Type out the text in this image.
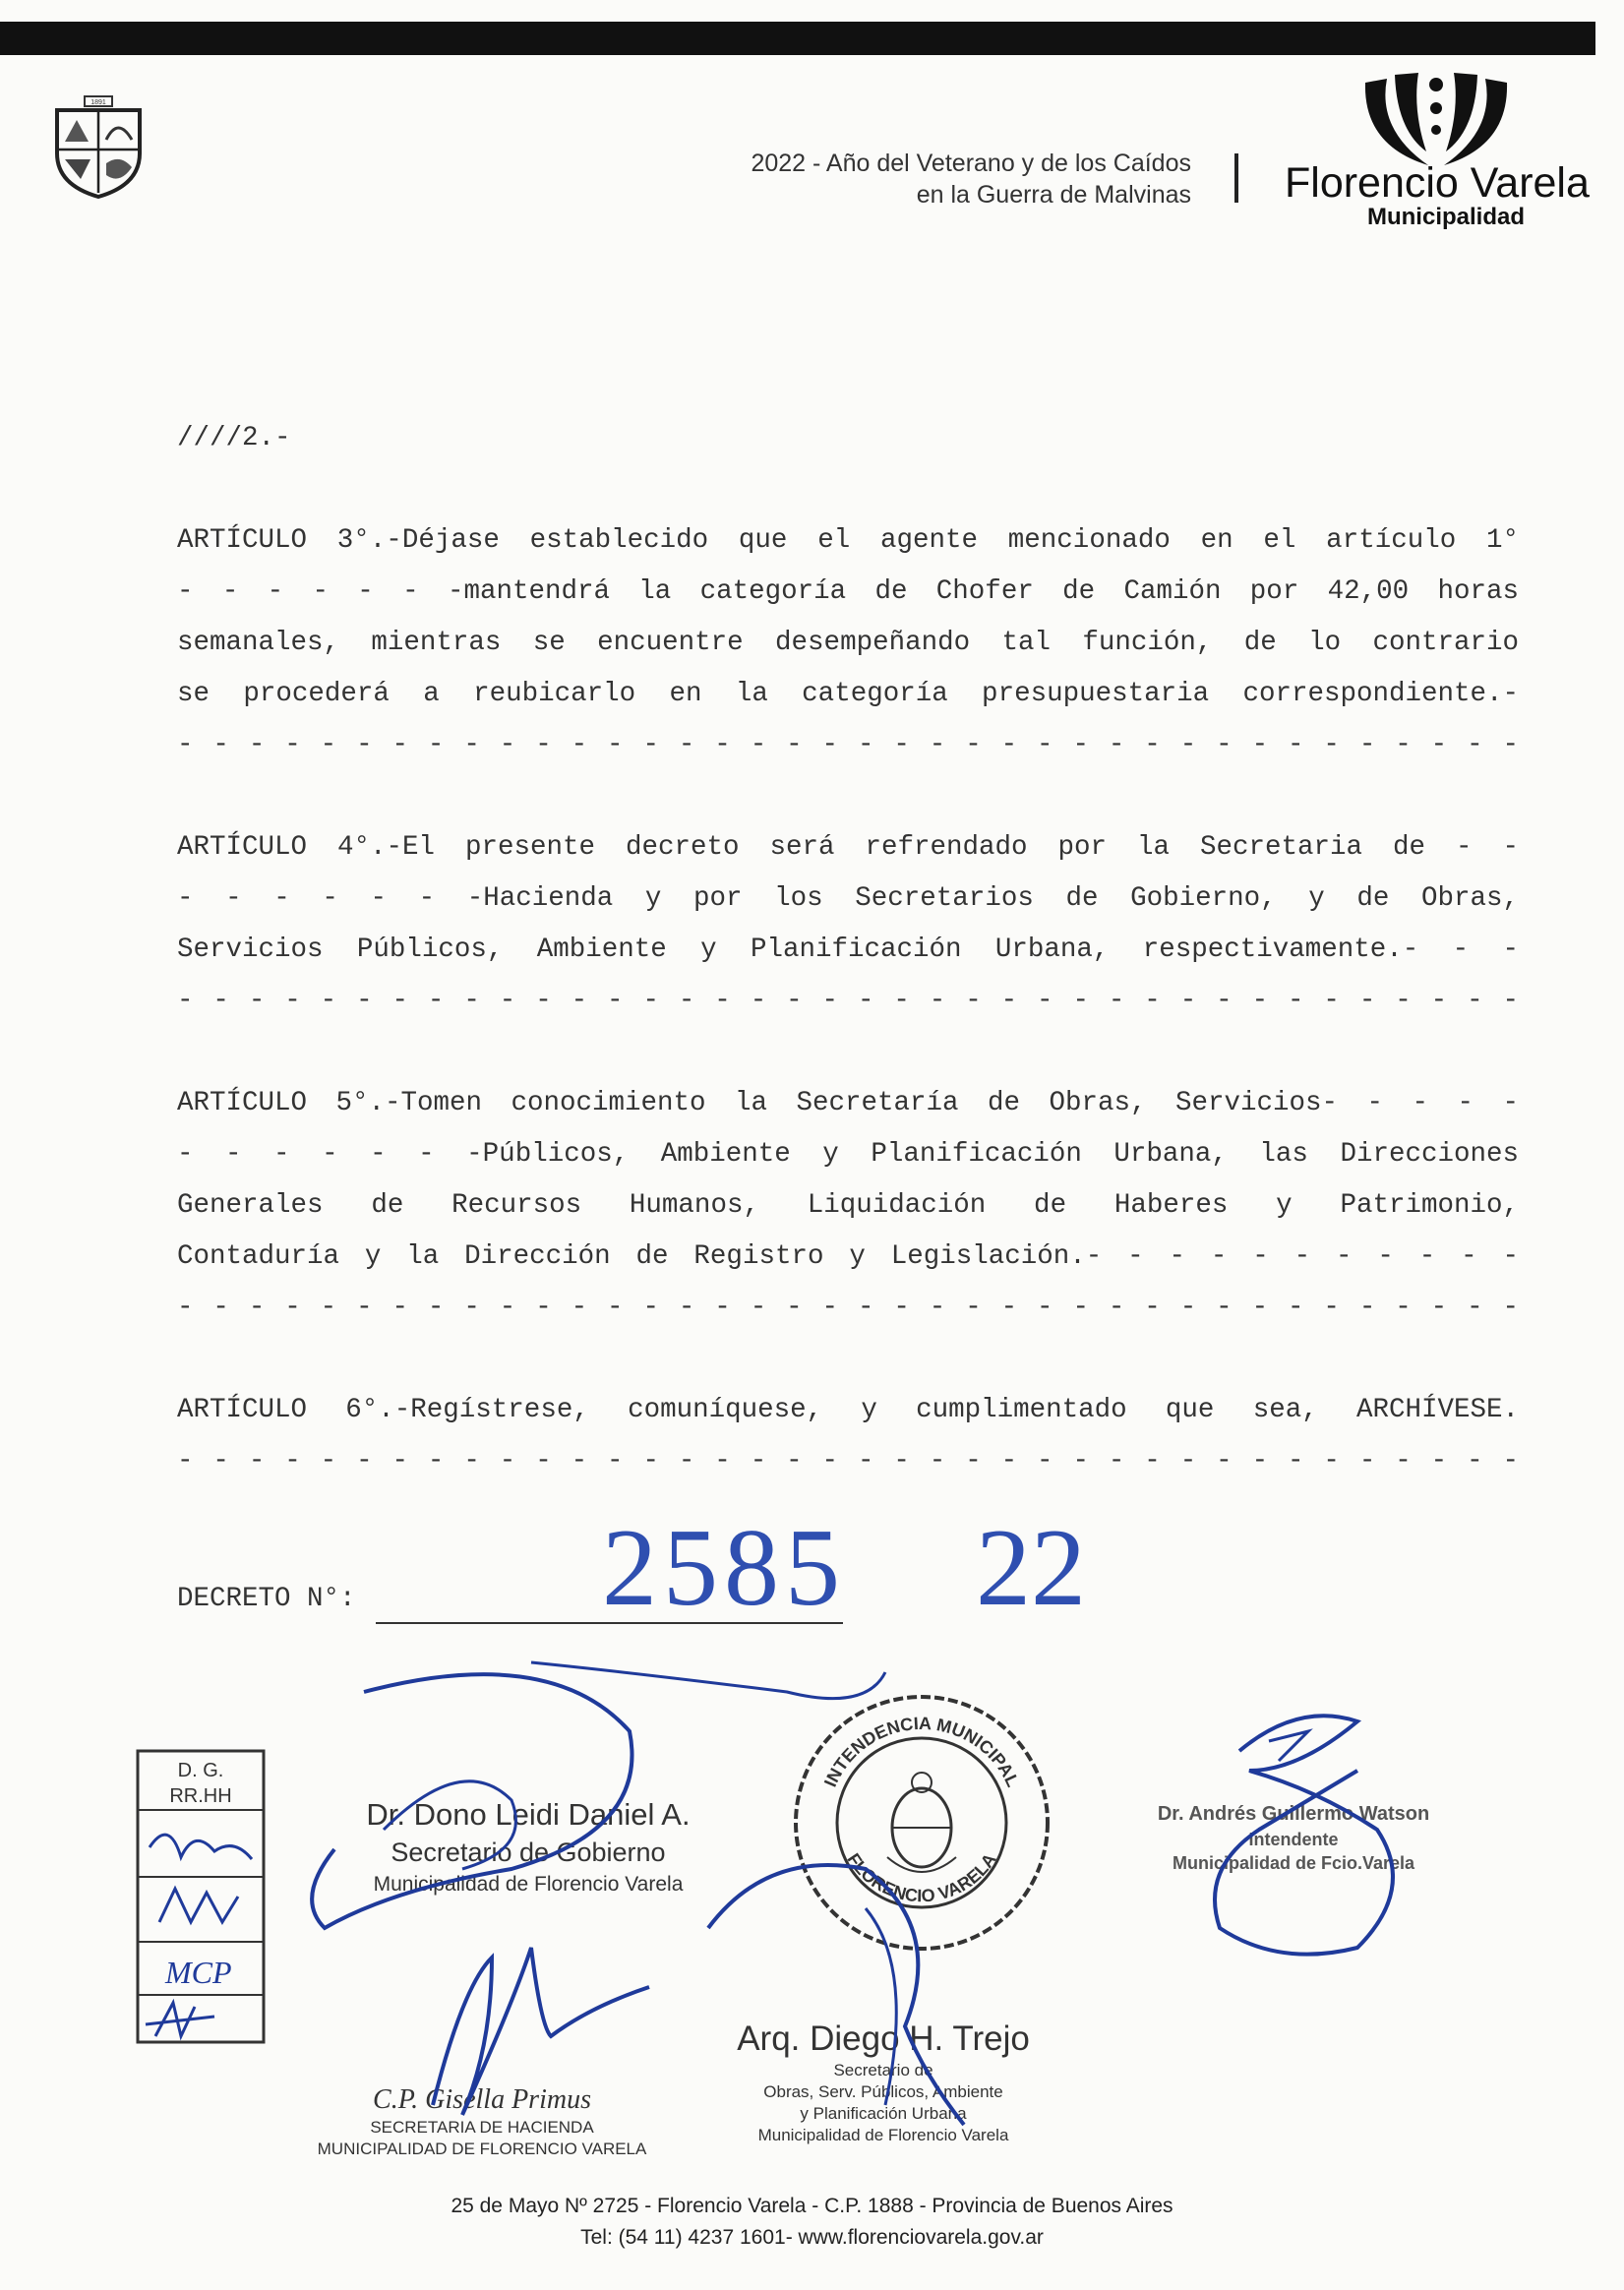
1891
2022 - Año del Veterano y de los Caídos
en la Guerra de Malvinas Florencio Varela
Municipalidad
////2.-
ARTÍCULO 3°.-Déjase establecido que el agente mencionado en el artículo 1°
- - - - - - -mantendrá la categoría de Chofer de Camión por 42,00 horas
semanales, mientras se encuentre desempeñando tal función, de lo contrario
se procederá a reubicarlo en la categoría presupuestaria correspondiente.-
- - - - - - - - - - - - - - - - - - - - - - - - - - - - - - - - - - - - - -
ARTÍCULO 4°.-El presente decreto será refrendado por la Secretaria de - -
- - - - - - -Hacienda y por los Secretarios de Gobierno, y de Obras,
Servicios Públicos, Ambiente y Planificación Urbana, respectivamente.- - -
- - - - - - - - - - - - - - - - - - - - - - - - - - - - - - - - - - - - - -
ARTÍCULO 5°.-Tomen conocimiento la Secretaría de Obras, Servicios- - - - -
- - - - - - -Públicos, Ambiente y Planificación Urbana, las Direcciones
Generales de Recursos Humanos, Liquidación de Haberes y Patrimonio,
Contaduría y la Dirección de Registro y Legislación.- - - - - - - - - - -
- - - - - - - - - - - - - - - - - - - - - - - - - - - - - - - - - - - - - -
ARTÍCULO 6°.-Regístrese, comuníquese, y cumplimentado que sea, ARCHÍVESE.
- - - - - - - - - - - - - - - - - - - - - - - - - - - - - - - - - - - - - -
DECRETO N°: 2585 22
D. G.
RR.HH
MCP
INTENDENCIA MUNICIPAL
FLORENCIO VARELA
Dr. Dono Leidi Daniel A.
Secretario de Gobierno
Municipalidad de Florencio Varela
C.P. Gisella Primus
SECRETARIA DE HACIENDA
MUNICIPALIDAD DE FLORENCIO VARELA
Arq. Diego H. Trejo
Secretario de
Obras, Serv. Públicos, Ambiente
y Planificación Urbana
Municipalidad de Florencio Varela
Dr. Andrés Guillermo Watson
Intendente
Municipalidad de Fcio.Varela
25 de Mayo Nº 2725 - Florencio Varela - C.P. 1888 - Provincia de Buenos Aires
Tel: (54 11) 4237 1601- www.florenciovarela.gov.ar
